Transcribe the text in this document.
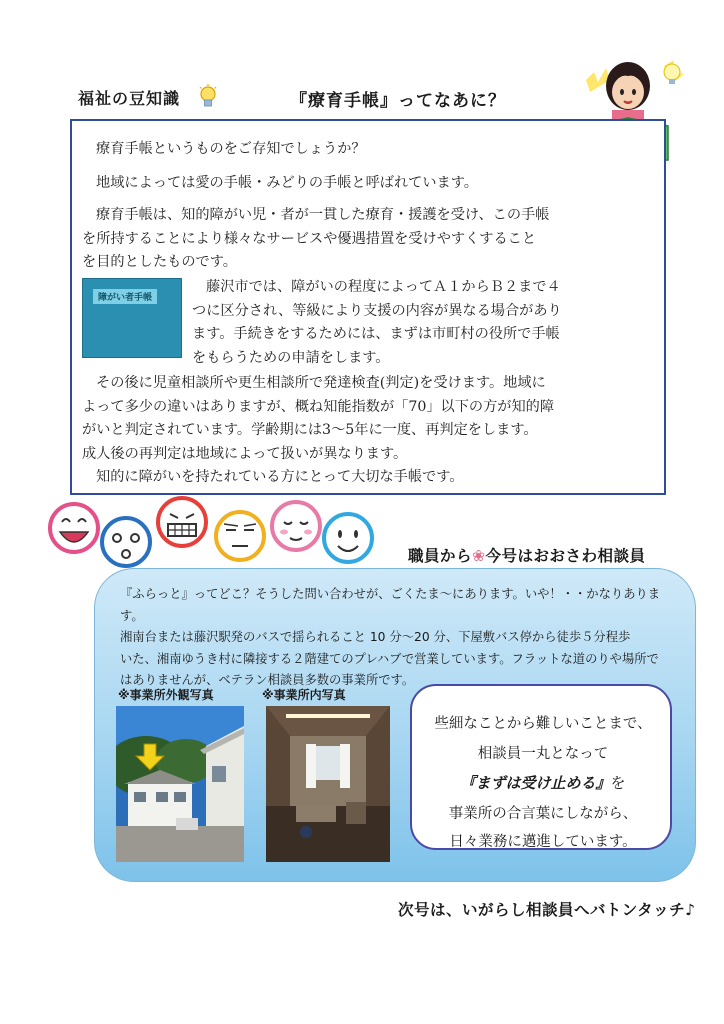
福祉の豆知識	『療育手帳』ってなあに？
療育手帳というものをご存知でしょうか？
地域によっては愛の手帳・みどりの手帳と呼ばれています。
療育手帳は、知的障がい児・者が一貫した療育・援護を受け、この手帳
を所持することにより様々なサービスや優遇措置を受けやすくすること
を目的としたものです。
障がい者手帳
藤沢市では、障がいの程度によってＡ１からＢ２まで４
つに区分され、等級により支援の内容が異なる場合があり
ます。手続きをするためには、まずは市町村の役所で手帳
をもらうための申請をします。
その後に児童相談所や更生相談所で発達検査(判定)を受けます。地域に
よって多少の違いはありますが、概ね知能指数が「70」以下の方が知的障
がいと判定されています。学齢期には3～5年に一度、再判定をします。
成人後の再判定は地域によって扱いが異なります。
知的に障がいを持たれている方にとって大切な手帳です。
職員から❀今号はおおさわ相談員
『ふらっと』ってどこ？そうした問い合わせが、ごくたま～にあります。いや！・・かなりあります。
湘南台または藤沢駅発のバスで揺られること 10 分～20 分、下屋敷バス停から徒歩５分程歩
いた、湘南ゆうき村に隣接する２階建てのプレハブで営業しています。フラットな道のりや場所で
はありませんが、ベテラン相談員多数の事業所です。
※事業所外観写真	※事業所内写真
些細なことから難しいことまで、
相談員一丸となって
『まずは受け止める』を
事業所の合言葉にしながら、
日々業務に邁進しています。
次号は、いがらし相談員へバトンタッチ♪
